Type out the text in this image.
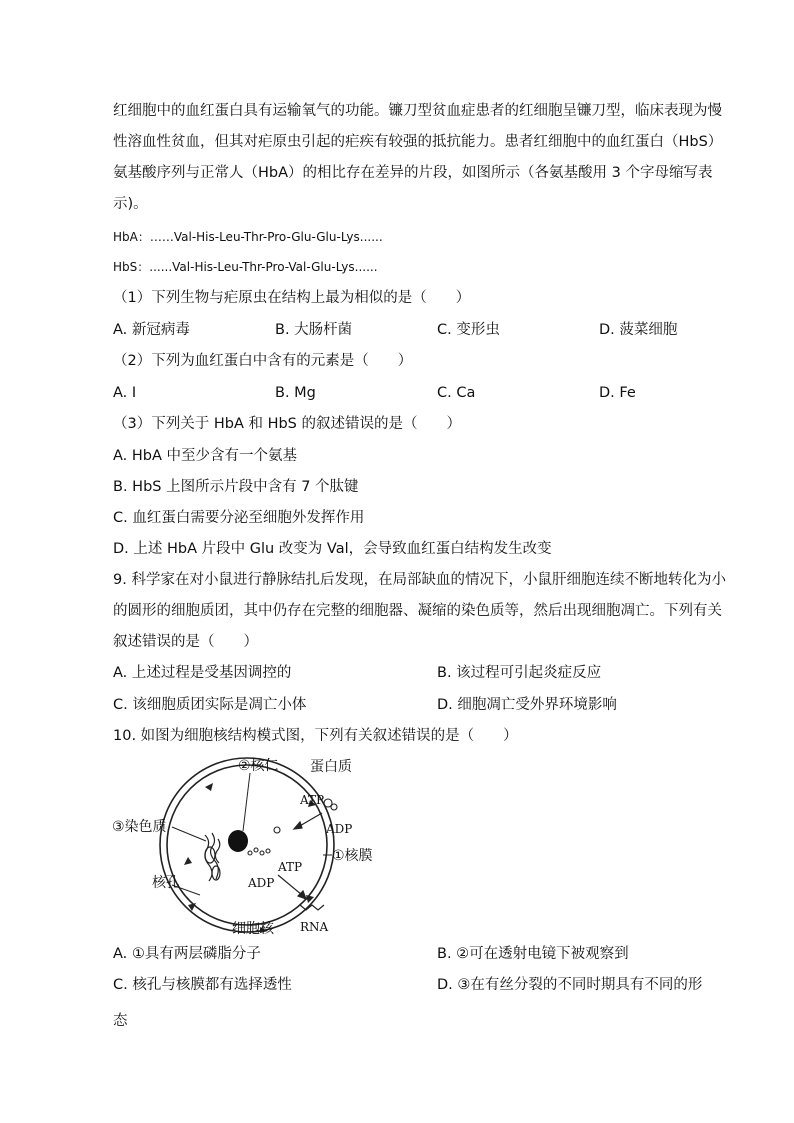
红细胞中的血红蛋白具有运输氧气的功能。镰刀型贫血症患者的红细胞呈镰刀型，临床表现为慢
性溶血性贫血，但其对疟原虫引起的疟疾有较强的抵抗能力。患者红细胞中的血红蛋白（HbS）
氨基酸序列与正常人（HbA）的相比存在差异的片段，如图所示（各氨基酸用 3 个字母缩写表
示)。
HbA：……Val-His-Leu-Thr-Pro-Glu-Glu-Lys......
HbS：......Val-His-Leu-Thr-Pro-Val-Glu-Lys......
（1）下列生物与疟原虫在结构上最为相似的是（　　）
A. 新冠病毒	B. 大肠杆菌	C. 变形虫	D. 菠菜细胞
（2）下列为血红蛋白中含有的元素是（　　）
A. I	B. Mg	C. Ca	D. Fe
（3）下列关于 HbA 和 HbS 的叙述错误的是（　　）
A. HbA 中至少含有一个氨基
B. HbS 上图所示片段中含有 7 个肽键
C. 血红蛋白需要分泌至细胞外发挥作用
D. 上述 HbA 片段中 Glu 改变为 Val，会导致血红蛋白结构发生改变
9. 科学家在对小鼠进行静脉结扎后发现，在局部缺血的情况下，小鼠肝细胞连续不断地转化为小
的圆形的细胞质团，其中仍存在完整的细胞器、凝缩的染色质等，然后出现细胞凋亡。下列有关
叙述错误的是（　　）
A. 上述过程是受基因调控的	B. 该过程可引起炎症反应
C. 该细胞质团实际是凋亡小体	D. 细胞凋亡受外界环境影响
10. 如图为细胞核结构模式图，下列有关叙述错误的是（　　）
②核仁 蛋白质
ATP
ADP
③染色质
①核膜
ATP
ADP
核孔
RNA
细胞核
A. ①具有两层磷脂分子	B. ②可在透射电镜下被观察到
C. 核孔与核膜都有选择透性	D. ③在有丝分裂的不同时期具有不同的形
态
